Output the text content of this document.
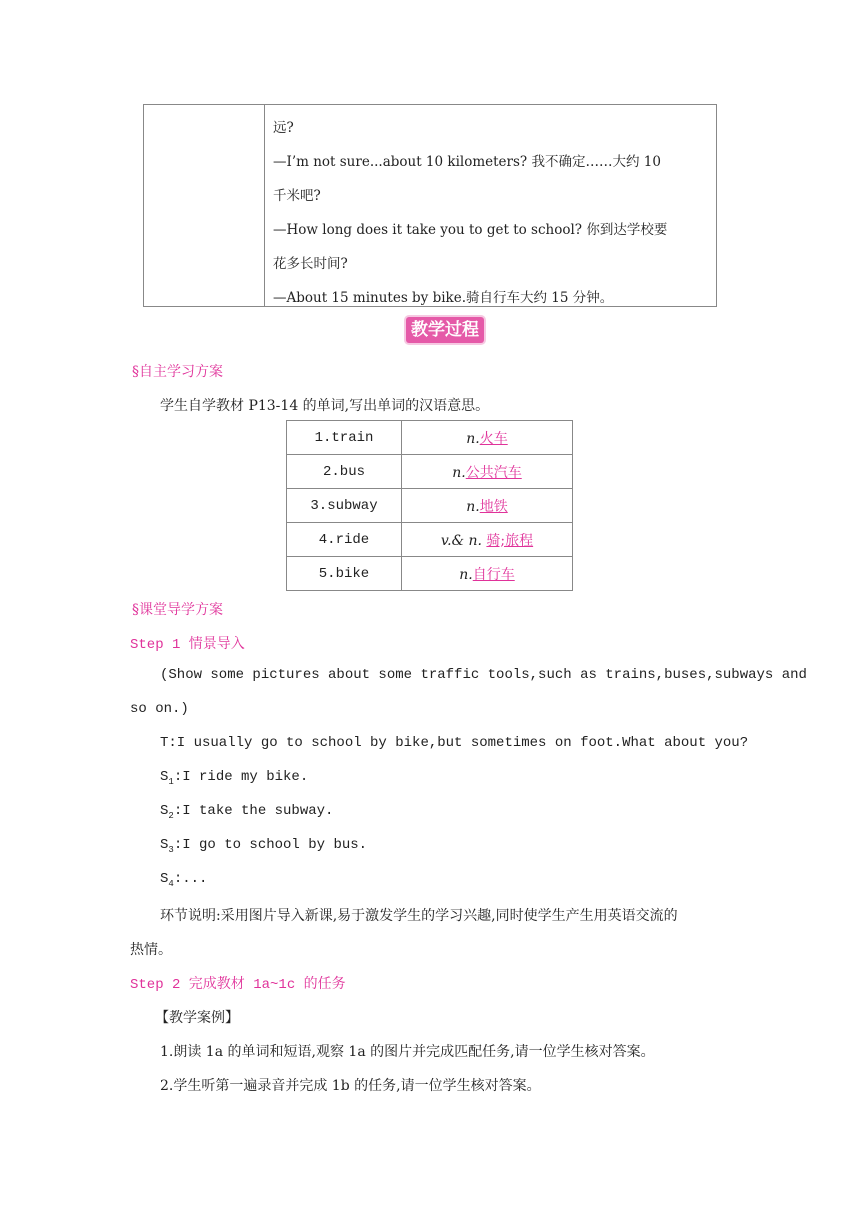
远?
—I’m not sure...about 10 kilometers? 我不确定……大约 10
千米吧?
—How long does it take you to get to school? 你到达学校要
花多长时间?
—About 15 minutes by bike.骑自行车大约 15 分钟。
教学过程
§自主学习方案
学生自学教材 P13-14 的单词,写出单词的汉语意思。
1.train	n.火车
2.bus	n.公共汽车
3.subway	n.地铁
4.ride	v.& n. 骑;旅程
5.bike	n.自行车
§课堂导学方案
Step 1 情景导入
(Show some pictures about some traffic tools,such as trains,buses,subways and
so on.)
T:I usually go to school by bike,but sometimes on foot.What about you?
$S_1:I$ ride my bike.
$S_2:I$ take the subway.
$S_3:I$ go to school by bus.
$S_4$:...
环节说明:采用图片导入新课,易于激发学生的学习兴趣,同时使学生产生用英语交流的
热情。
Step 2 完成教材 1a~1c 的任务
【教学案例】
1.朗读 1a 的单词和短语,观察 1a 的图片并完成匹配任务,请一位学生核对答案。
2.学生听第一遍录音并完成 1b 的任务,请一位学生核对答案。
